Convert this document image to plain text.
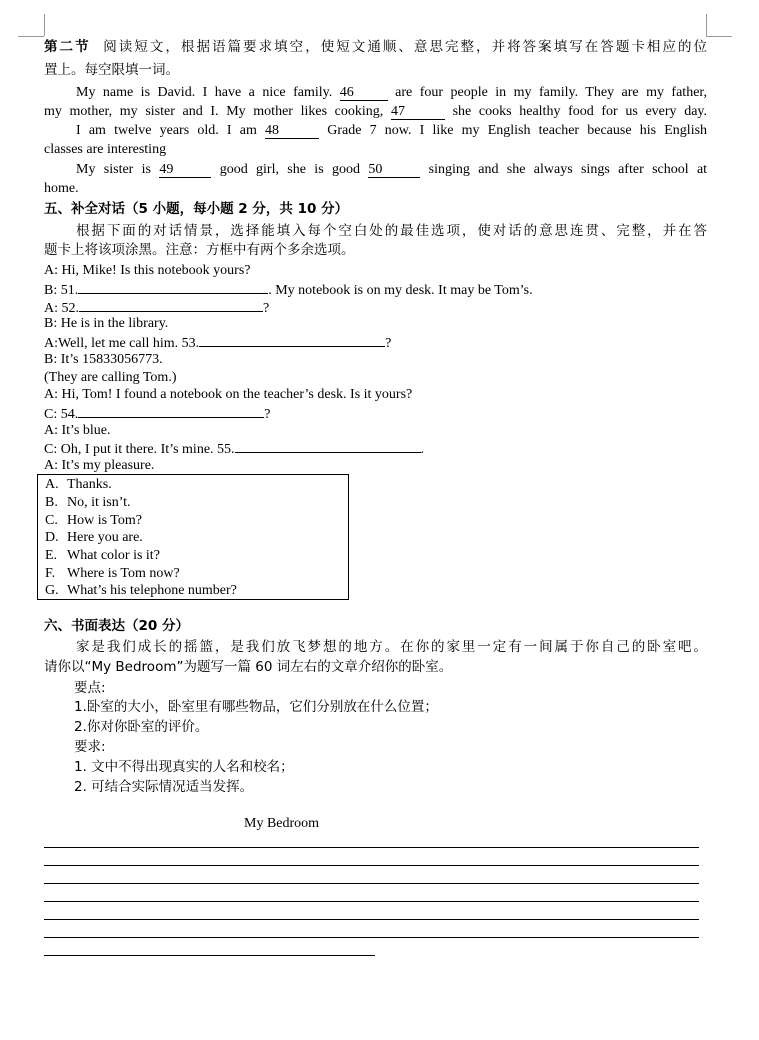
第二节 阅读短文，根据语篇要求填空，使短文通顺、意思完整，并将答案填写在答题卡相应的位
置上。每空限填一词。
My name is David. I have a nice family. 46	are four people in my family. They are my father,
my mother, my sister and I. My mother likes cooking, 47	she cooks healthy food for us every day.
I am twelve years old. I am 48	Grade 7 now. I like my English teacher because his English
classes are interesting
My sister is 49	good girl, she is good 50	singing and she always sings after school at
home.
五、补全对话（5 小题，每小题 2 分，共 10 分）
根据下面的对话情景，选择能填入每个空白处的最佳选项，使对话的意思连贯、完整，并在答
题卡上将该项涂黑。注意：方框中有两个多余选项。
A: Hi, Mike! Is this notebook yours?
B: 51.	. My notebook is on my desk. It may be Tom’s.
A: 52.	?
B: He is in the library.
A:Well, let me call him. 53.	?
B: It’s 15833056773.
(They are calling Tom.)
A: Hi, Tom! I found a notebook on the teacher’s desk. Is it yours?
C: 54.	?
A: It’s blue.
C: Oh, I put it there. It’s mine. 55.	.
A: It’s my pleasure.
A. Thanks.
B. No, it isn’t.
C. How is Tom?
D. Here you are.
E. What color is it?
F. Where is Tom now?
G. What’s his telephone number?
六、书面表达（20 分）
家是我们成长的摇篮，是我们放飞梦想的地方。在你的家里一定有一间属于你自己的卧室吧。
请你以“My Bedroom”为题写一篇 60 词左右的文章介绍你的卧室。
要点:
1.卧室的大小，卧室里有哪些物品，它们分别放在什么位置；
2.你对你卧室的评价。
要求:
1. 文中不得出现真实的人名和校名；
2. 可结合实际情况适当发挥。
My Bedroom
